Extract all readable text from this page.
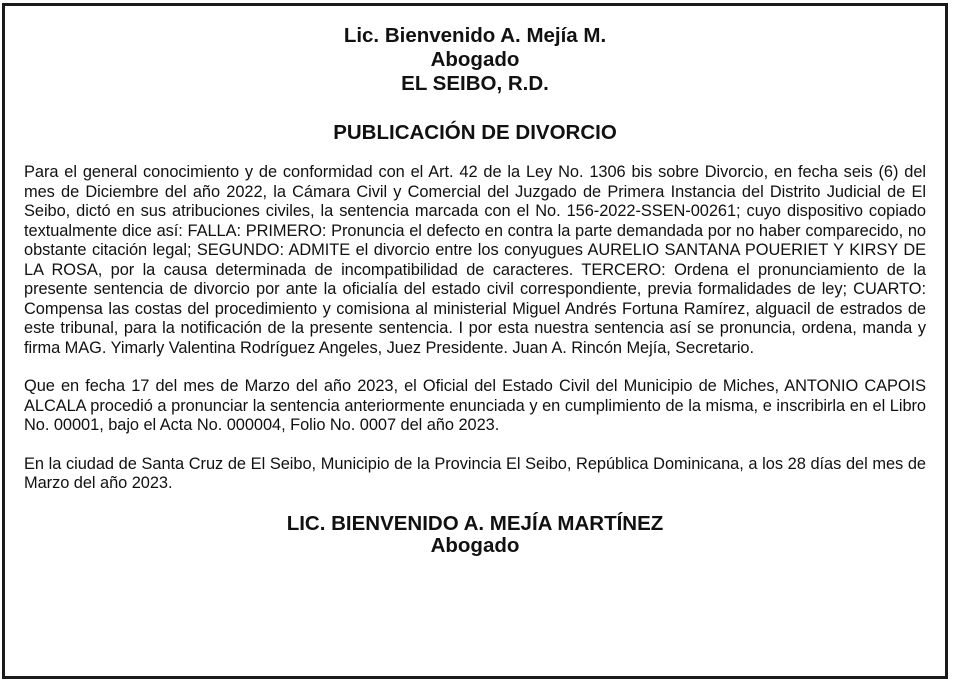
Lic. Bienvenido A. Mejía M.

Abogado

EL SEIBO, R.D.

PUBLICACIÓN DE DIVORCIO

Para el general conocimiento y de conformidad con el Art. 42 de la Ley No. 1306 bis sobre Divorcio, en fecha seis (6) del mes de Diciembre del año 2022, la Cámara Civil y Comercial del Juzgado de Primera Instancia del Distrito Judicial de El Seibo, dictó en sus atribuciones civiles, la sentencia marcada con el No. 156-2022-SSEN-00261; cuyo dispositivo copiado textualmente dice así: FALLA: PRIMERO: Pronuncia el defecto en contra la parte demandada por no haber comparecido, no obstante citación legal; SEGUNDO: ADMITE el divorcio entre los conyugues AURELIO SANTANA POUERIET Y KIRSY DE LA ROSA, por la causa determinada de incompatibilidad de caracteres. TERCERO: Ordena el pronunciamiento de la presente sentencia de divorcio por ante la oficialía del estado civil correspondiente, previa formalidades de ley; CUARTO: Compensa las costas del procedimiento y comisiona al ministerial Miguel Andrés Fortuna Ramírez, alguacil de estrados de este tribunal, para la notificación de la presente sentencia. I por esta nuestra sentencia así se pronuncia, ordena, manda y firma MAG. Yimarly Valentina Rodríguez Angeles, Juez Presidente. Juan A. Rincón Mejía, Secretario.

Que en fecha 17 del mes de Marzo del año 2023, el Oficial del Estado Civil del Municipio de Miches, ANTONIO CAPOIS ALCALA procedió a pronunciar la sentencia anteriormente enunciada y en cumplimiento de la misma, e inscribirla en el Libro No. 00001, bajo el Acta No. 000004, Folio No. 0007 del año 2023.

En la ciudad de Santa Cruz de El Seibo, Municipio de la Provincia El Seibo, República Dominicana, a los 28 días del mes de Marzo del año 2023.

LIC. BIENVENIDO A. MEJÍA MARTÍNEZ

Abogado
